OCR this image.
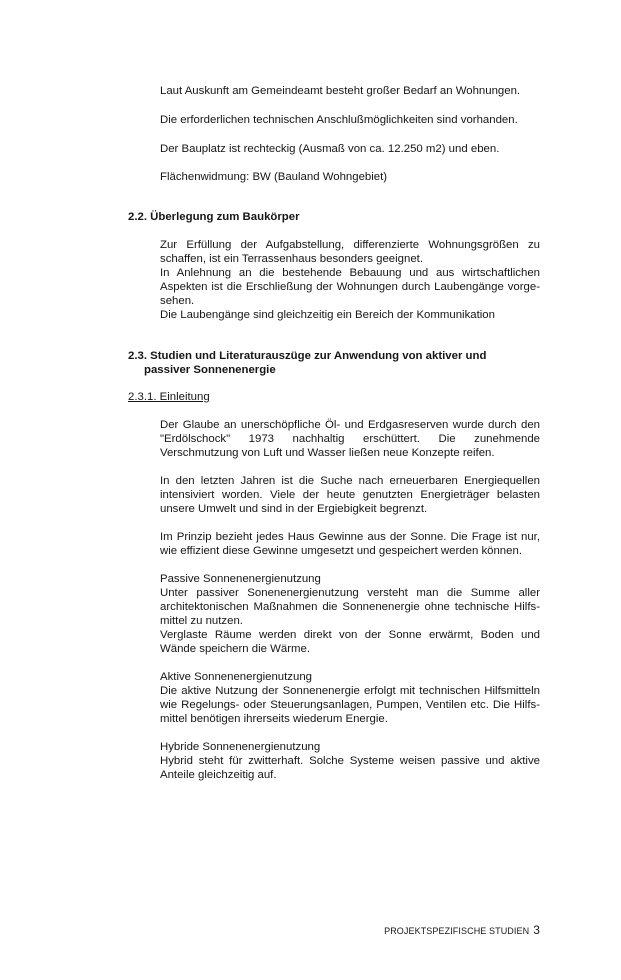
Laut Auskunft am Gemeindeamt besteht großer Bedarf an Wohnungen.

Die erforderlichen technischen Anschlußmöglichkeiten sind vorhanden.

Der Bauplatz ist rechteckig (Ausmaß von ca. 12.250 m2) und eben.

Flächenwidmung: BW (Bauland Wohngebiet)

2.2. Überlegung zum Baukörper

Zur Erfüllung der Aufgabstellung, differenzierte Wohnungsgrößen zu schaffen, ist ein Terrassenhaus besonders geeignet.

In Anlehnung an die bestehende Bebauung und aus wirtschaftlichen Aspekten ist die Erschließung der Wohnungen durch Laubengänge vorge-sehen.

Die Laubengänge sind gleichzeitig ein Bereich der Kommunikation

2.3. Studien und Literaturauszüge zur Anwendung von aktiver und
passiver Sonnenenergie

2.3.1. Einleitung

Der Glaube an unerschöpfliche Öl- und Erdgasreserven wurde durch den "Erdölschock" 1973 nachhaltig erschüttert. Die zunehmende Verschmutzung von Luft und Wasser ließen neue Konzepte reifen.

In den letzten Jahren ist die Suche nach erneuerbaren Energiequellen intensiviert worden. Viele der heute genutzten Energieträger belasten unsere Umwelt und sind in der Ergiebigkeit begrenzt.

Im Prinzip bezieht jedes Haus Gewinne aus der Sonne. Die Frage ist nur, wie effizient diese Gewinne umgesetzt und gespeichert werden können.

Passive Sonnenenergienutzung

Unter passiver Sonenenergienutzung versteht man die Summe aller architektonischen Maßnahmen die Sonnenenergie ohne technische Hilfs-mittel zu nutzen.

Verglaste Räume werden direkt von der Sonne erwärmt, Boden und Wände speichern die Wärme.

Aktive Sonnenenergienutzung

Die aktive Nutzung der Sonnenenergie erfolgt mit technischen Hilfsmitteln wie Regelungs- oder Steuerungsanlagen, Pumpen, Ventilen etc. Die Hilfs-mittel benötigen ihrerseits wiederum Energie.

Hybride Sonnenenergienutzung

Hybrid steht für zwitterhaft. Solche Systeme weisen passive und aktive Anteile gleichzeitig auf.

PROJEKTSPEZIFISCHE STUDIEN 3
